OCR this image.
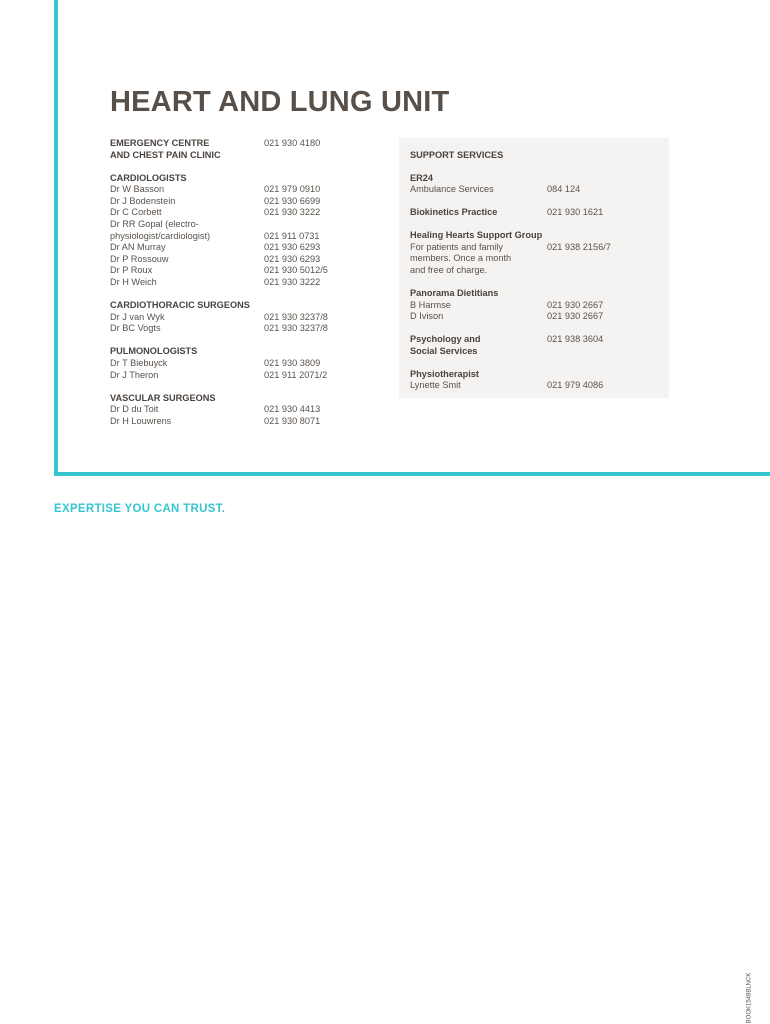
HEART AND LUNG UNIT
EMERGENCY CENTRE	021 930 4180
AND CHEST PAIN CLINIC
CARDIOLOGISTS
Dr W Basson	021 979 0910
Dr J Bodenstein	021 930 6699
Dr C Corbett	021 930 3222
Dr RR Gopal (electro-
physiologist/cardiologist)	021 911 0731
Dr AN Murray	021 930 6293
Dr P Rossouw	021 930 6293
Dr P Roux	021 930 5012/5
Dr H Weich	021 930 3222
CARDIOTHORACIC SURGEONS
Dr J van Wyk	021 930 3237/8
Dr BC Vogts	021 930 3237/8
PULMONOLOGISTS
Dr T Biebuyck	021 930 3809
Dr J Theron	021 911 2071/2
VASCULAR SURGEONS
Dr D du Toit	021 930 4413
Dr H Louwrens	021 930 8071
SUPPORT SERVICES
ER24
Ambulance Services	084 124
Biokinetics Practice	021 930 1621
Healing Hearts Support Group
For patients and family	021 938 2156/7
members. Once a month
and free of charge.
Panorama Dietitians
B Harmse	021 930 2667
D Ivison	021 930 2667
Psychology and	021 938 3604
Social Services
Physiotherapist
Lynette Smit	021 979 4086
EXPERTISE YOU CAN TRUST.
BOOK1548BLNCK
